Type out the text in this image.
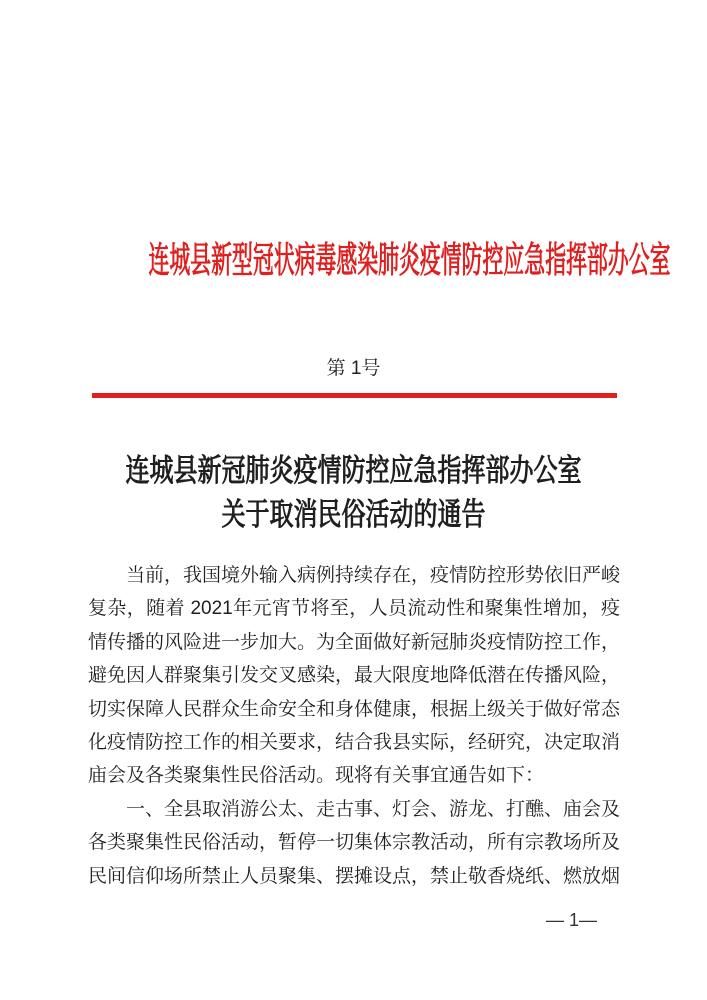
连城县新型冠状病毒感染肺炎疫情防控应急指挥部办公室
第 1号
连城县新冠肺炎疫情防控应急指挥部办公室
关于取消民俗活动的通告

当前，我国境外输入病例持续存在，疫情防控形势依旧严峻复杂，随着 2021年元宵节将至，人员流动性和聚集性增加，疫情传播的风险进一步加大。为全面做好新冠肺炎疫情防控工作，避免因人群聚集引发交叉感染，最大限度地降低潜在传播风险，切实保障人民群众生命安全和身体健康，根据上级关于做好常态化疫情防控工作的相关要求，结合我县实际，经研究，决定取消庙会及各类聚集性民俗活动。现将有关事宜通告如下：

一、全县取消游公太、走古事、灯会、游龙、打醮、庙会及各类聚集性民俗活动，暂停一切集体宗教活动，所有宗教场所及民间信仰场所禁止人员聚集、摆摊设点，禁止敬香烧纸、燃放烟

— 1—
